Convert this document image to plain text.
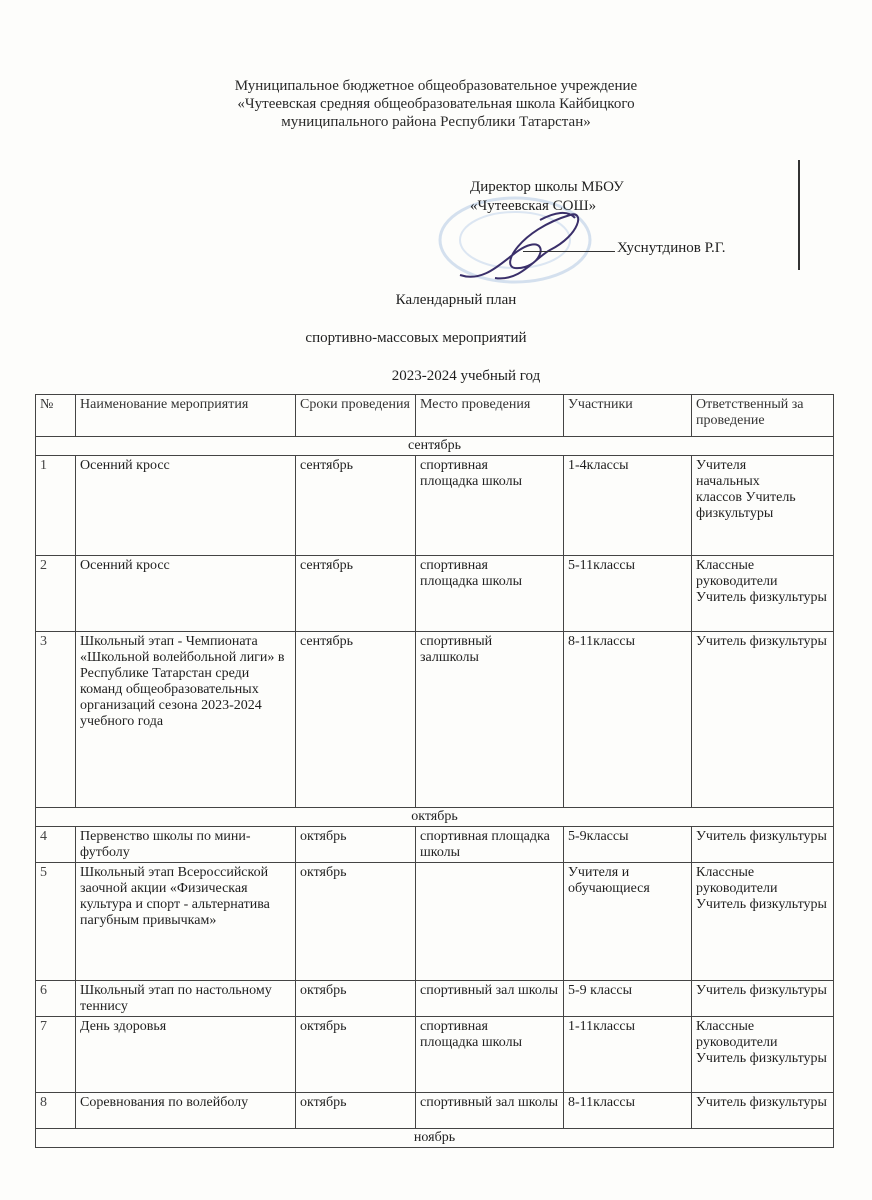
Муниципальное бюджетное общеобразовательное учреждение
«Чутеевская средняя общеобразовательная школа Кайбицкого
муниципального района Республики Татарстан»
Директор школы МБОУ
«Чутеевская СОШ»
Хуснутдинов Р.Г.
Календарный план
спортивно-массовых мероприятий
2023-2024 учебный год
№	Наименование мероприятия	Сроки проведения	Место проведения	Участники	Ответственный за проведение
сентябрь					
1	Осенний кросс	сентябрь	спортивная площадка школы	1-4классы	Учителя начальных классов Учитель физкультуры
2	Осенний кросс	сентябрь	спортивная площадка школы	5-11классы	Классные руководители Учитель физкультуры
3	Школьный этап - Чемпионата «Школьной волейбольной лиги» в Республике Татарстан среди команд общеобразовательных организаций сезона 2023-2024 учебного года	сентябрь	спортивный залшколы	8-11классы	Учитель физкультуры
октябрь					
4	Первенство школы по мини-футболу	октябрь	спортивная площадка школы	5-9классы	Учитель физкультуры
5	Школьный этап Всероссийской заочной акции «Физическая культура и спорт - альтернатива пагубным привычкам»	октябрь		Учителя и обучающиеся	Классные руководители Учитель физкультуры
6	Школьный этап по настольному теннису	октябрь	спортивный зал школы	5-9 классы	Учитель физкультуры
7	День здоровья	октябрь	спортивная площадка школы	1-11классы	Классные руководители Учитель физкультуры
8	Соревнования по волейболу	октябрь	спортивный зал школы	8-11классы	Учитель физкультуры
ноябрь					
